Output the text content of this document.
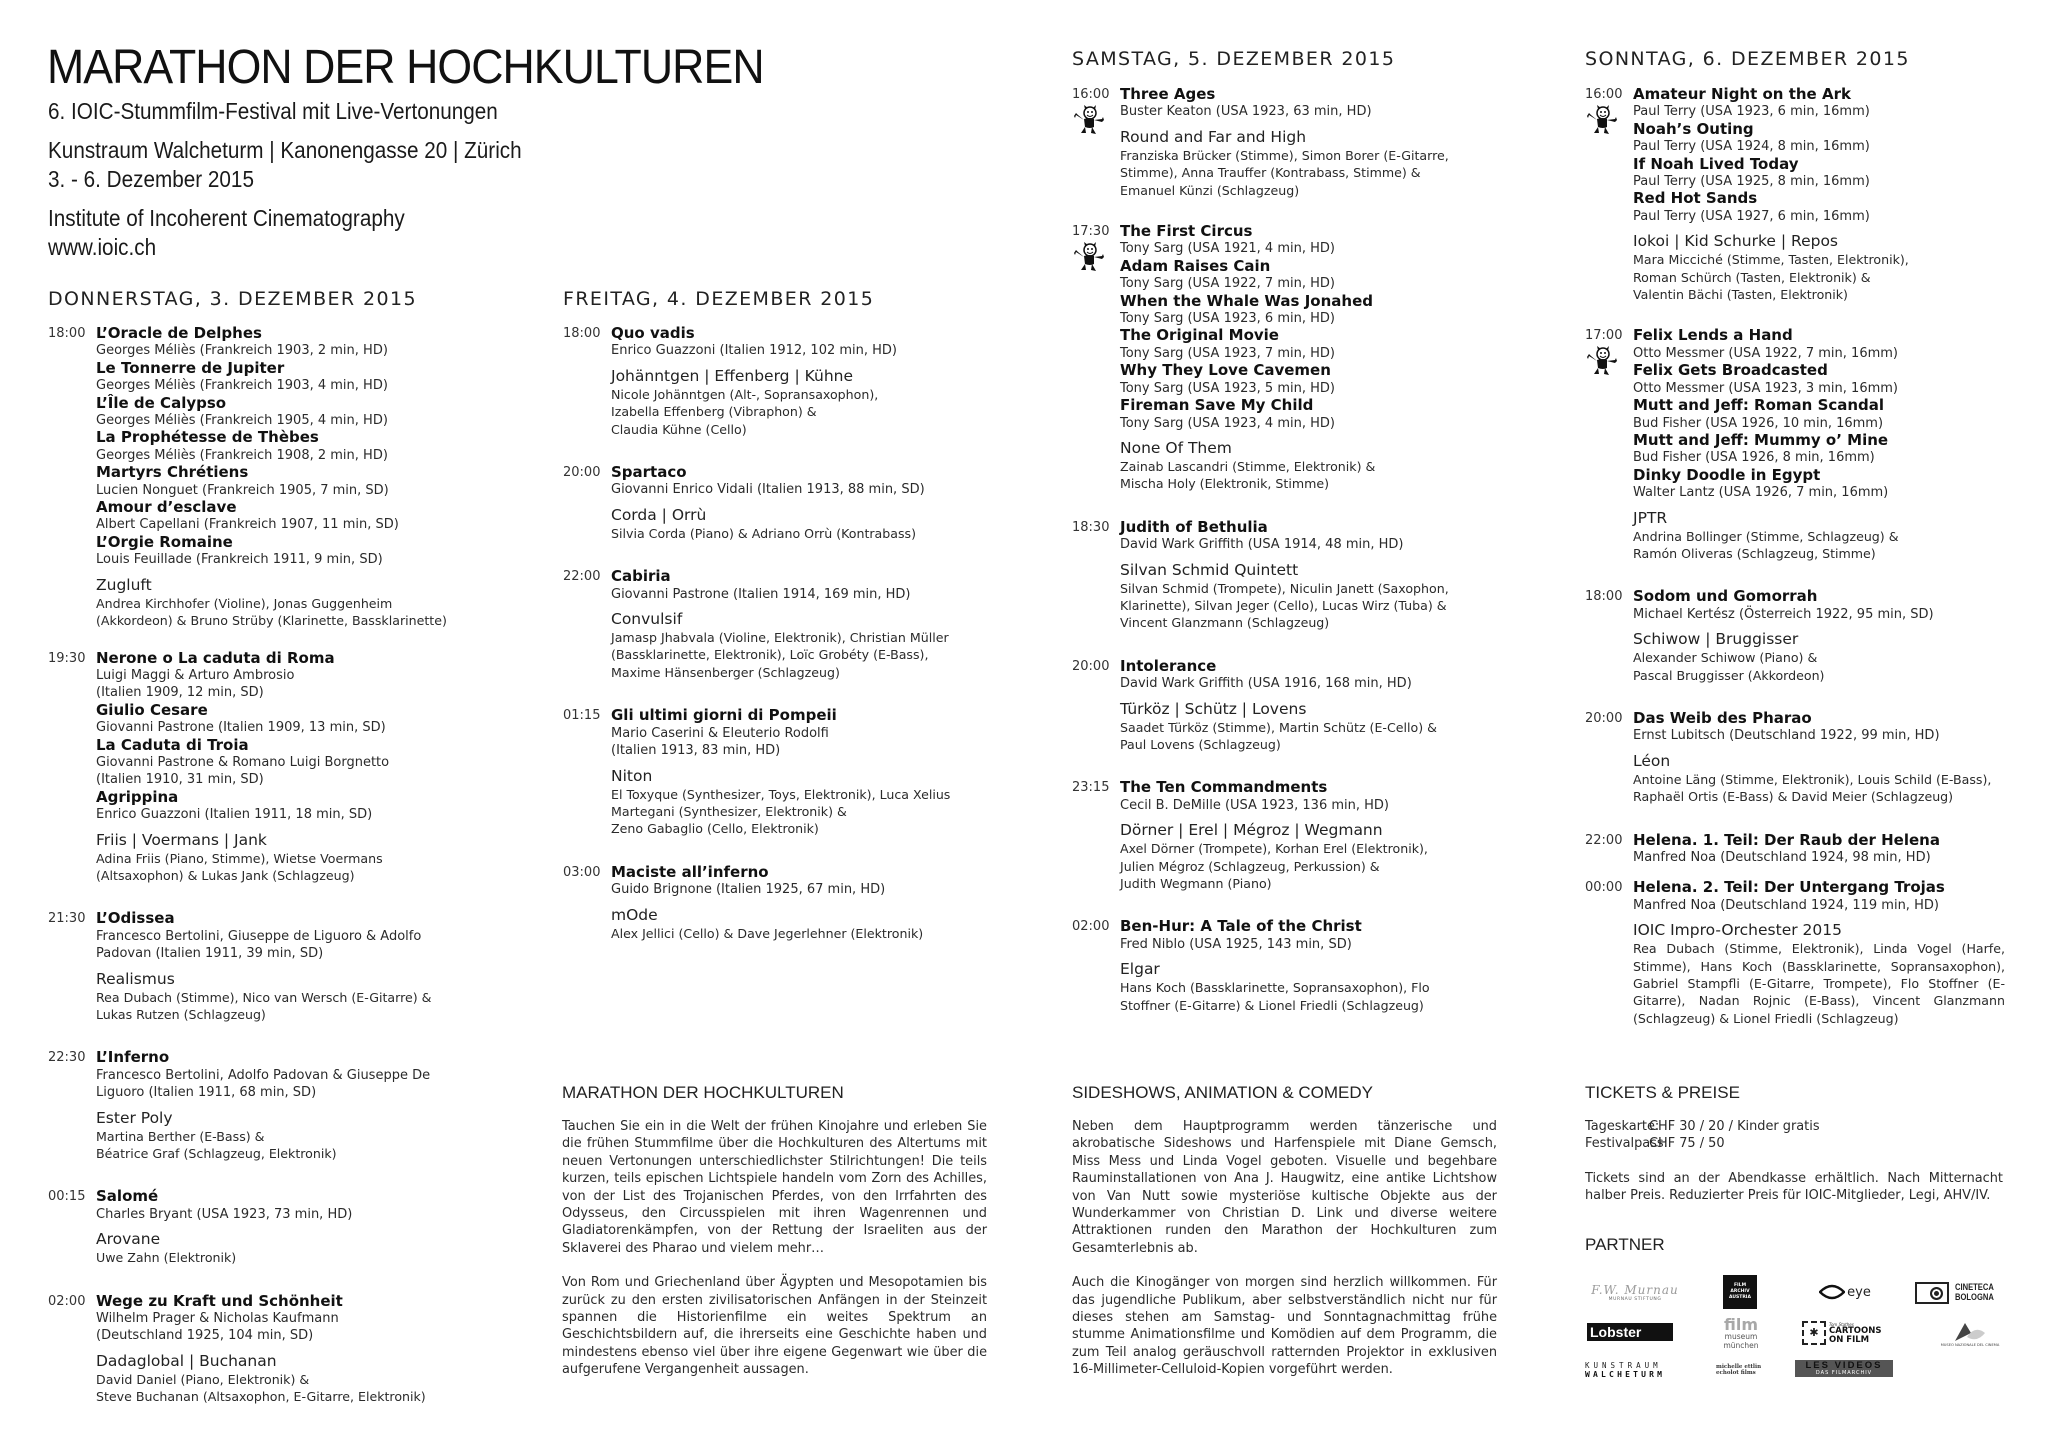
MARATHON DER HOCHKULTUREN
6. IOIC-Stummfilm-Festival mit Live-Vertonungen
Kunstraum Walcheturm | Kanonengasse 20 | Zürich
3. - 6. Dezember 2015
Institute of Incoherent Cinematography
www.ioic.ch
DONNERSTAG, 3. DEZEMBER 2015
18:00 L’Oracle de Delphes
Georges Méliès (Frankreich 1903, 2 min, HD)
Le Tonnerre de Jupiter
Georges Méliès (Frankreich 1903, 4 min, HD)
L’Île de Calypso
Georges Méliès (Frankreich 1905, 4 min, HD)
La Prophétesse de Thèbes
Georges Méliès (Frankreich 1908, 2 min, HD)
Martyrs Chrétiens
Lucien Nonguet (Frankreich 1905, 7 min, SD)
Amour d’esclave
Albert Capellani (Frankreich 1907, 11 min, SD)
L’Orgie Romaine
Louis Feuillade (Frankreich 1911, 9 min, SD)
Zugluft
Andrea Kirchhofer (Violine), Jonas Guggenheim
(Akkordeon) & Bruno Strüby (Klarinette, Bassklarinette)
19:30 Nerone o La caduta di Roma
Luigi Maggi & Arturo Ambrosio
(Italien 1909, 12 min, SD)
Giulio Cesare
Giovanni Pastrone (Italien 1909, 13 min, SD)
La Caduta di Troia
Giovanni Pastrone & Romano Luigi Borgnetto
(Italien 1910, 31 min, SD)
Agrippina
Enrico Guazzoni (Italien 1911, 18 min, SD)
Friis | Voermans | Jank
Adina Friis (Piano, Stimme), Wietse Voermans
(Altsaxophon) & Lukas Jank (Schlagzeug)
21:30 L’Odissea
Francesco Bertolini, Giuseppe de Liguoro & Adolfo
Padovan (Italien 1911, 39 min, SD)
Realismus
Rea Dubach (Stimme), Nico van Wersch (E-Gitarre) &
Lukas Rutzen (Schlagzeug)
22:30 L’Inferno
Francesco Bertolini, Adolfo Padovan & Giuseppe De
Liguoro (Italien 1911, 68 min, SD)
Ester Poly
Martina Berther (E-Bass) &
Béatrice Graf (Schlagzeug, Elektronik)
00:15 Salomé
Charles Bryant (USA 1923, 73 min, HD)
Arovane
Uwe Zahn (Elektronik)
02:00 Wege zu Kraft und Schönheit
Wilhelm Prager & Nicholas Kaufmann
(Deutschland 1925, 104 min, SD)
Dadaglobal | Buchanan
David Daniel (Piano, Elektronik) &
Steve Buchanan (Altsaxophon, E-Gitarre, Elektronik)
FREITAG, 4. DEZEMBER 2015
18:00 Quo vadis
Enrico Guazzoni (Italien 1912, 102 min, HD)
Johänntgen | Effenberg | Kühne
Nicole Johänntgen (Alt-, Sopransaxophon),
Izabella Effenberg (Vibraphon) &
Claudia Kühne (Cello)
20:00 Spartaco
Giovanni Enrico Vidali (Italien 1913, 88 min, SD)
Corda | Orrù
Silvia Corda (Piano) & Adriano Orrù (Kontrabass)
22:00 Cabiria
Giovanni Pastrone (Italien 1914, 169 min, HD)
Convulsif
Jamasp Jhabvala (Violine, Elektronik), Christian Müller
(Bassklarinette, Elektronik), Loïc Grobéty (E-Bass),
Maxime Hänsenberger (Schlagzeug)
01:15 Gli ultimi giorni di Pompeii
Mario Caserini & Eleuterio Rodolfi
(Italien 1913, 83 min, HD)
Niton
El Toxyque (Synthesizer, Toys, Elektronik), Luca Xelius
Martegani (Synthesizer, Elektronik) &
Zeno Gabaglio (Cello, Elektronik)
03:00 Maciste all’inferno
Guido Brignone (Italien 1925, 67 min, HD)
mOde
Alex Jellici (Cello) & Dave Jegerlehner (Elektronik)
SAMSTAG, 5. DEZEMBER 2015
16:00 Three Ages
Buster Keaton (USA 1923, 63 min, HD)
Round and Far and High
Franziska Brücker (Stimme), Simon Borer (E-Gitarre,
Stimme), Anna Trauffer (Kontrabass, Stimme) &
Emanuel Künzi (Schlagzeug)
17:30 The First Circus
Tony Sarg (USA 1921, 4 min, HD)
Adam Raises Cain
Tony Sarg (USA 1922, 7 min, HD)
When the Whale Was Jonahed
Tony Sarg (USA 1923, 6 min, HD)
The Original Movie
Tony Sarg (USA 1923, 7 min, HD)
Why They Love Cavemen
Tony Sarg (USA 1923, 5 min, HD)
Fireman Save My Child
Tony Sarg (USA 1923, 4 min, HD)
None Of Them
Zainab Lascandri (Stimme, Elektronik) &
Mischa Holy (Elektronik, Stimme)
18:30 Judith of Bethulia
David Wark Griffith (USA 1914, 48 min, HD)
Silvan Schmid Quintett
Silvan Schmid (Trompete), Niculin Janett (Saxophon,
Klarinette), Silvan Jeger (Cello), Lucas Wirz (Tuba) &
Vincent Glanzmann (Schlagzeug)
20:00 Intolerance
David Wark Griffith (USA 1916, 168 min, HD)
Türköz | Schütz | Lovens
Saadet Türköz (Stimme), Martin Schütz (E-Cello) &
Paul Lovens (Schlagzeug)
23:15 The Ten Commandments
Cecil B. DeMille (USA 1923, 136 min, HD)
Dörner | Erel | Mégroz | Wegmann
Axel Dörner (Trompete), Korhan Erel (Elektronik),
Julien Mégroz (Schlagzeug, Perkussion) &
Judith Wegmann (Piano)
02:00 Ben-Hur: A Tale of the Christ
Fred Niblo (USA 1925, 143 min, SD)
Elgar
Hans Koch (Bassklarinette, Sopransaxophon), Flo
Stoffner (E-Gitarre) & Lionel Friedli (Schlagzeug)
SONNTAG, 6. DEZEMBER 2015
16:00 Amateur Night on the Ark
Paul Terry (USA 1923, 6 min, 16mm)
Noah’s Outing
Paul Terry (USA 1924, 8 min, 16mm)
If Noah Lived Today
Paul Terry (USA 1925, 8 min, 16mm)
Red Hot Sands
Paul Terry (USA 1927, 6 min, 16mm)
Iokoi | Kid Schurke | Repos
Mara Micciché (Stimme, Tasten, Elektronik),
Roman Schürch (Tasten, Elektronik) &
Valentin Bächi (Tasten, Elektronik)
17:00 Felix Lends a Hand
Otto Messmer (USA 1922, 7 min, 16mm)
Felix Gets Broadcasted
Otto Messmer (USA 1923, 3 min, 16mm)
Mutt and Jeff: Roman Scandal
Bud Fisher (USA 1926, 10 min, 16mm)
Mutt and Jeff: Mummy o’ Mine
Bud Fisher (USA 1926, 8 min, 16mm)
Dinky Doodle in Egypt
Walter Lantz (USA 1926, 7 min, 16mm)
JPTR
Andrina Bollinger (Stimme, Schlagzeug) &
Ramón Oliveras (Schlagzeug, Stimme)
18:00 Sodom und Gomorrah
Michael Kertész (Österreich 1922, 95 min, SD)
Schiwow | Bruggisser
Alexander Schiwow (Piano) &
Pascal Bruggisser (Akkordeon)
20:00 Das Weib des Pharao
Ernst Lubitsch (Deutschland 1922, 99 min, HD)
Léon
Antoine Läng (Stimme, Elektronik), Louis Schild (E-Bass),
Raphaël Ortis (E-Bass) & David Meier (Schlagzeug)
22:00 Helena. 1. Teil: Der Raub der Helena
Manfred Noa (Deutschland 1924, 98 min, HD)
00:00 Helena. 2. Teil: Der Untergang Trojas
Manfred Noa (Deutschland 1924, 119 min, HD)
IOIC Impro-Orchester 2015
Rea Dubach (Stimme, Elektronik), Linda Vogel (Harfe, Stimme), Hans Koch (Bassklarinette, Sopransaxophon), Gabriel Stampfli (E-Gitarre, Trompete), Flo Stoffner (E-Gitarre), Nadan Rojnic (E-Bass), Vincent Glanzmann (Schlagzeug) & Lionel Friedli (Schlagzeug)
MARATHON DER HOCHKULTUREN

Tauchen Sie ein in die Welt der frühen Kinojahre und erleben Sie die frühen Stummfilme über die Hochkulturen des Altertums mit neuen Vertonungen unterschiedlichster Stilrichtungen! Die teils kurzen, teils epischen Lichtspiele handeln vom Zorn des Achilles, von der List des Trojanischen Pferdes, von den Irrfahrten des Odysseus, den Circusspielen mit ihren Wagenrennen und Gladiatorenkämpfen, von der Rettung der Israeliten aus der Sklaverei des Pharao und vielem mehr…

Von Rom und Griechenland über Ägypten und Mesopotamien bis zurück zu den ersten zivilisatorischen Anfängen in der Steinzeit spannen die Historienfilme ein weites Spektrum an Geschichtsbildern auf, die ihrerseits eine Geschichte haben und mindestens ebenso viel über ihre eigene Gegenwart wie über die aufgerufene Vergangenheit aussagen.

SIDESHOWS, ANIMATION & COMEDY

Neben dem Hauptprogramm werden tänzerische und akrobatische Sideshows und Harfenspiele mit Diane Gemsch, Miss Mess und Linda Vogel geboten. Visuelle und begehbare Rauminstallationen von Ana J. Haugwitz, eine antike Lichtshow von Van Nutt sowie mysteriöse kultische Objekte aus der Wunderkammer von Christian D. Link und diverse weitere Attraktionen runden den Marathon der Hochkulturen zum Gesamterlebnis ab.

Auch die Kinogänger von morgen sind herzlich willkommen. Für das jugendliche Publikum, aber selbstverständlich nicht nur für dieses stehen am Samstag- und Sonntagnachmittag frühe stumme Animationsfilme und Komödien auf dem Programm, die zum Teil analog geräuschvoll ratternden Projektor in exklusiven 16-Millimeter-Celluloid-Kopien vorgeführt werden.

TICKETS & PREISE
Tageskarte:CHF 30 / 20 / Kinder gratis
Festivalpass:CHF 75 / 50
Tickets sind an der Abendkasse erhältlich. Nach Mitternacht halber Preis. Reduzierter Preis für IOIC-Mitglieder, Legi, AHV/IV.
PARTNER
F.W. Murnau
MURNAU STIFTUNG
FILM ARCHIV AUSTRIA	eye	CINETECA BOLOGNA
Lobster	film
museum münchen
✱
Tom Stathes
CARTOONS ON FILM
MUSEO NAZIONALE DEL CINEMA
KUNSTRAUM
WALCHETURM
michelle ettlin
echolot films
LES VIDEOS
DAS FILMARCHIV
